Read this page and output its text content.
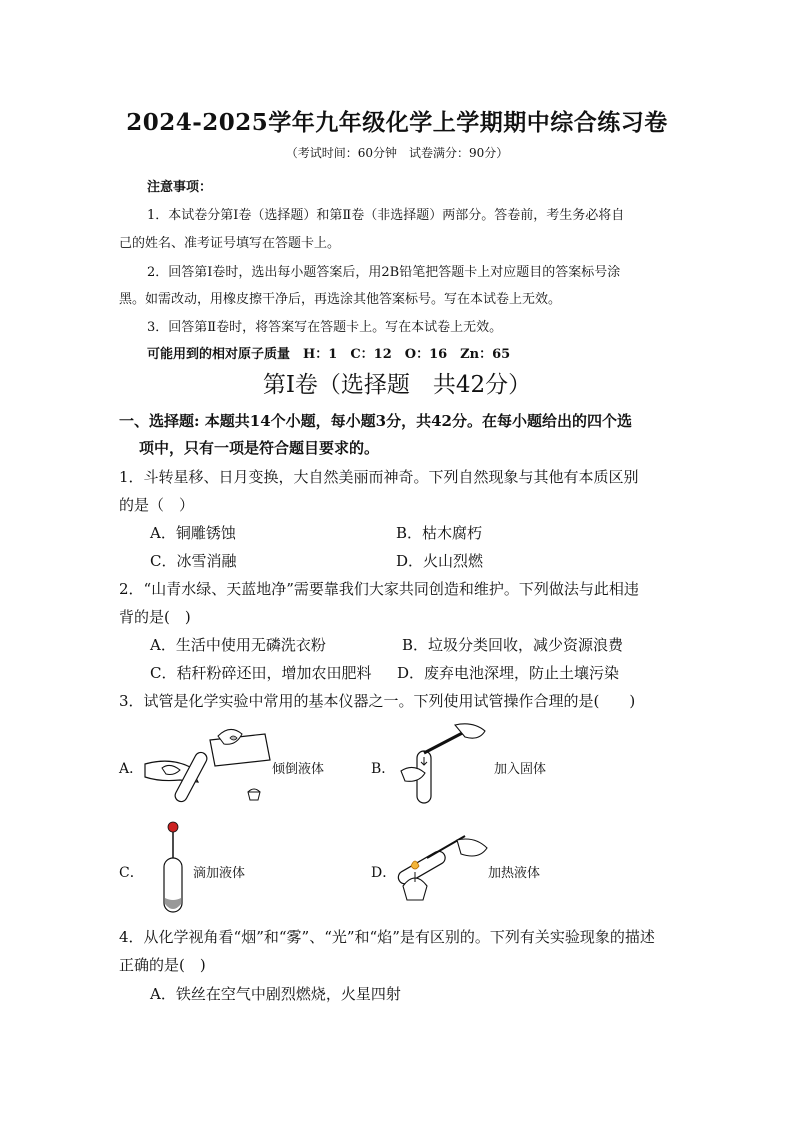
2024-2025学年九年级化学上学期期中综合练习卷
（考试时间：60分钟　试卷满分：90分）
注意事项：
1．本试卷分第Ⅰ卷（选择题）和第Ⅱ卷（非选择题）两部分。答卷前，考生务必将自
己的姓名、准考证号填写在答题卡上。
2．回答第Ⅰ卷时，选出每小题答案后，用2B铅笔把答题卡上对应题目的答案标号涂
黑。如需改动，用橡皮擦干净后，再选涂其他答案标号。写在本试卷上无效。
3．回答第Ⅱ卷时，将答案写在答题卡上。写在本试卷上无效。
可能用到的相对原子质量　H：1　C：12　O：16　Zn：65
第Ⅰ卷（选择题　共42分）
一、选择题: 本题共14个小题，每小题3分，共42分。在每小题给出的四个选
项中，只有一项是符合题目要求的。
1．斗转星移、日月变换，大自然美丽而神奇。下列自然现象与其他有本质区别
的是（　）
A．铜雕锈蚀	B．枯木腐朽
C．冰雪消融	D．火山烈燃
2．“山青水绿、天蓝地净”需要靠我们大家共同创造和维护。下列做法与此相违
背的是(　)
A．生活中使用无磷洗衣粉	B．垃圾分类回收，减少资源浪费
C．秸秆粉碎还田，增加农田肥料 D．废弃电池深埋，防止土壤污染
3．试管是化学实验中常用的基本仪器之一。下列使用试管操作合理的是(　　)
A．	倾倒液体	B．	加入固体
C．	滴加液体	D．	加热液体
4．从化学视角看“烟”和“雾”、“光”和“焰”是有区别的。下列有关实验现象的描述
正确的是(　)
A．铁丝在空气中剧烈燃烧，火星四射
